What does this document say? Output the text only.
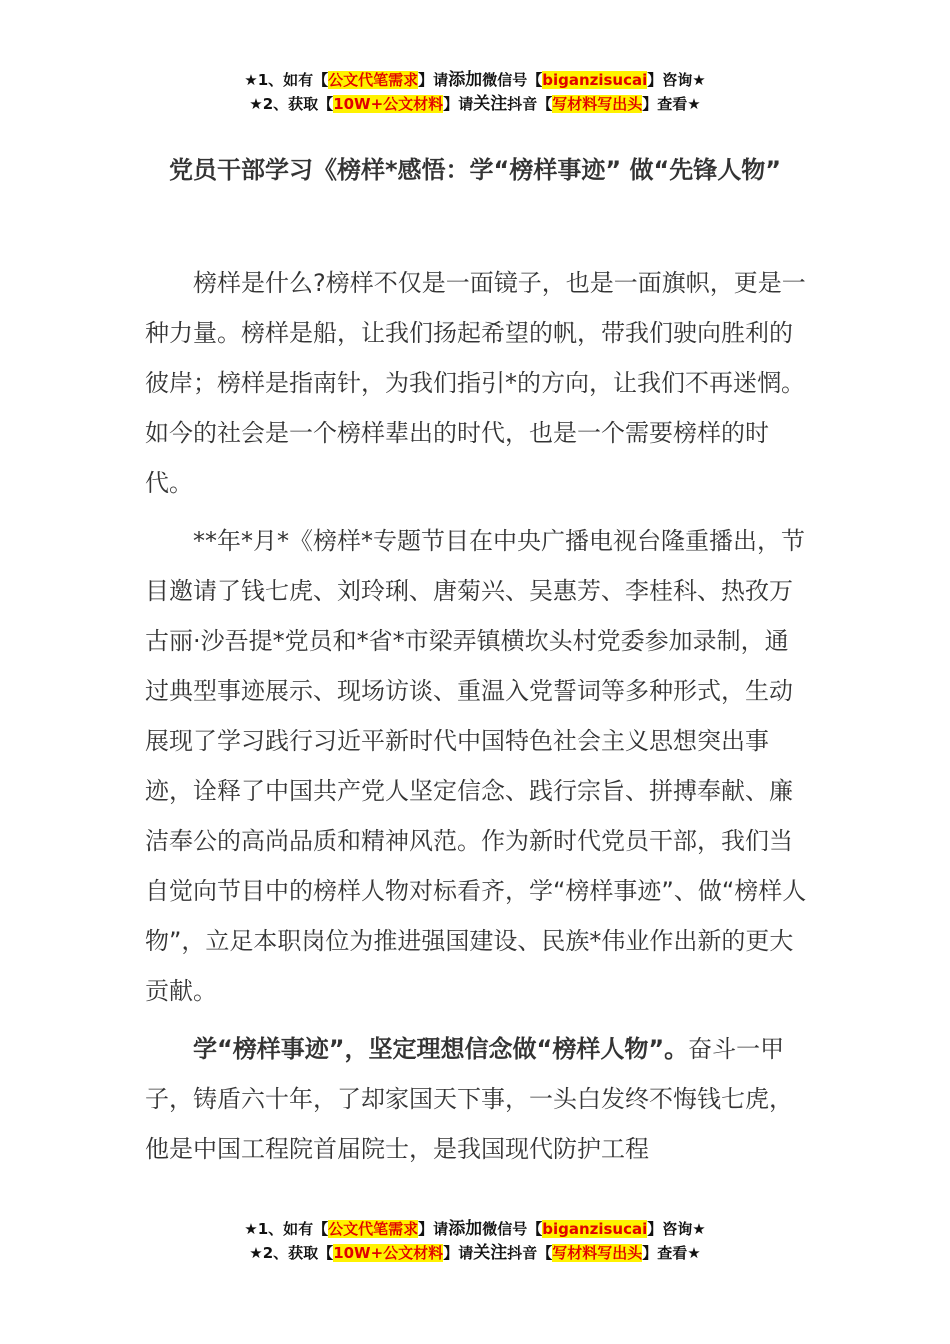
★1、如有【公文代笔需求】请添加微信号【biganzisucai】咨询★
★2、获取【10W+公文材料】请关注抖音【写材料写出头】查看★
党员干部学习《榜样*感悟：学“榜样事迹” 做“先锋人物”

榜样是什么?榜样不仅是一面镜子，也是一面旗帜，更是一种力量。榜样是船，让我们扬起希望的帆，带我们驶向胜利的彼岸；榜样是指南针，为我们指引*的方向，让我们不再迷惘。如今的社会是一个榜样辈出的时代，也是一个需要榜样的时代。

**年*月*《榜样*专题节目在中央广播电视台隆重播出，节目邀请了钱七虎、刘玲琍、唐菊兴、吴惠芳、李桂科、热孜万古丽·沙吾提*党员和*省*市梁弄镇横坎头村党委参加录制，通过典型事迹展示、现场访谈、重温入党誓词等多种形式，生动展现了学习践行习近平新时代中国特色社会主义思想突出事迹，诠释了中国共产党人坚定信念、践行宗旨、拼搏奉献、廉洁奉公的高尚品质和精神风范。作为新时代党员干部，我们当自觉向节目中的榜样人物对标看齐，学“榜样事迹”、做“榜样人物”，立足本职岗位为推进强国建设、民族*伟业作出新的更大贡献。

学“榜样事迹”，坚定理想信念做“榜样人物”。奋斗一甲子，铸盾六十年，了却家国天下事，一头白发终不悔钱七虎，他是中国工程院首届院士，是我国现代防护工程

★1、如有【公文代笔需求】请添加微信号【biganzisucai】咨询★
★2、获取【10W+公文材料】请关注抖音【写材料写出头】查看★
